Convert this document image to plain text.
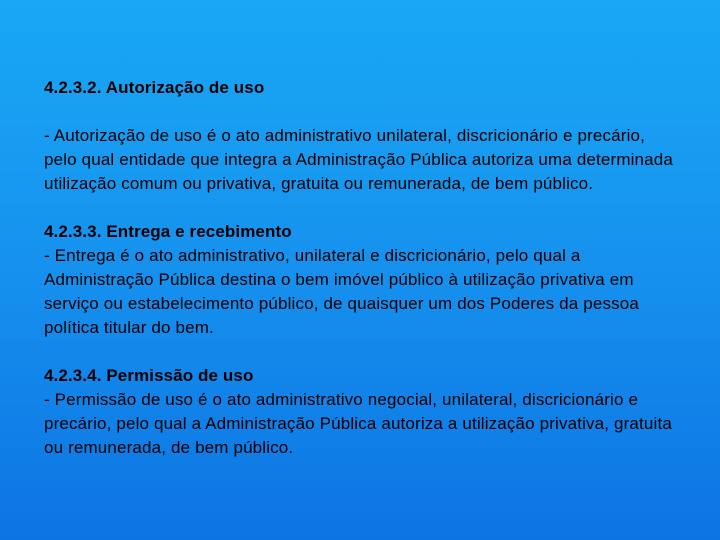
4.2.3.2. Autorização de uso
- Autorização de uso é o ato administrativo unilateral, discricionário e precário, pelo qual entidade que integra a Administração Pública autoriza uma determinada utilização comum ou privativa, gratuita ou remunerada, de bem público.
4.2.3.3. Entrega e recebimento
- Entrega é o ato administrativo, unilateral e discricionário, pelo qual a Administração Pública destina o bem imóvel público à utilização privativa em serviço ou estabelecimento público, de quaisquer um dos Poderes da pessoa política titular do bem.
4.2.3.4. Permissão de uso
- Permissão de uso é o ato administrativo negocial, unilateral, discricionário e precário, pelo qual a Administração Pública autoriza a utilização privativa, gratuita ou remunerada, de bem público.
